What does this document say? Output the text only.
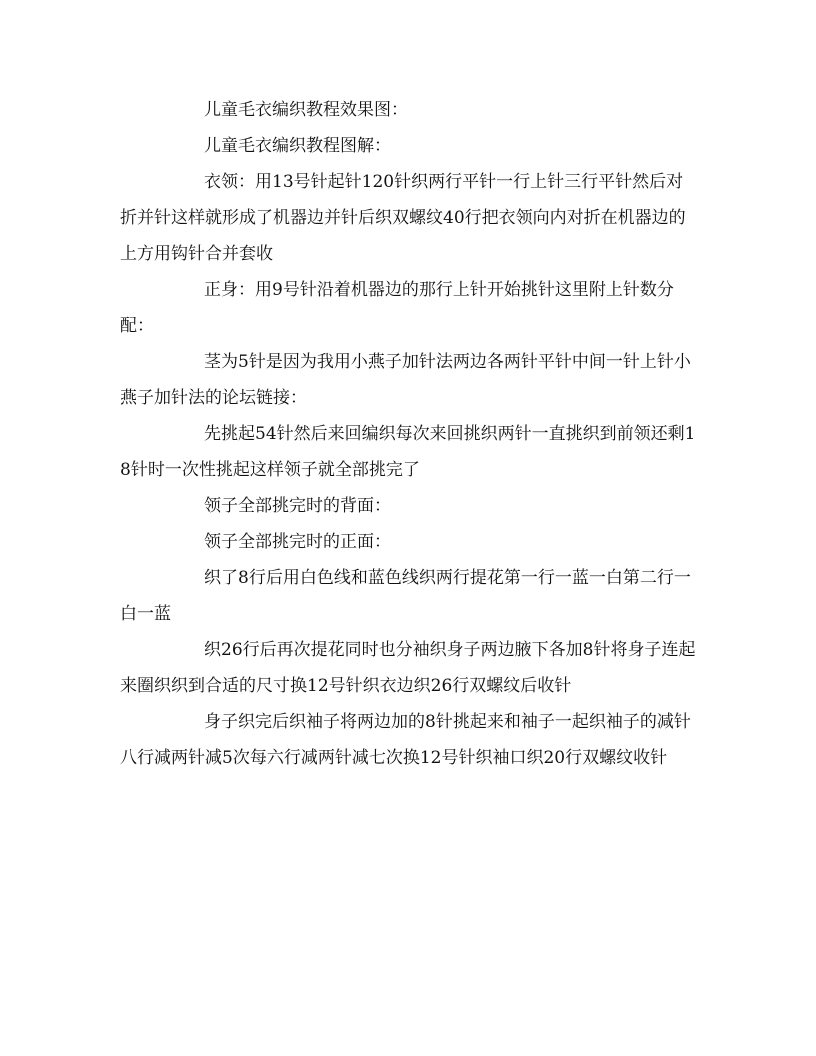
儿童毛衣编织教程效果图：

儿童毛衣编织教程图解：

衣领：用13号针起针120针织两行平针一行上针三行平针然后对折并针这样就形成了机器边并针后织双螺纹40行把衣领向内对折在机器边的上方用钩针合并套收

正身：用9号针沿着机器边的那行上针开始挑针这里附上针数分配：

茎为5针是因为我用小燕子加针法两边各两针平针中间一针上针小燕子加针法的论坛链接：

先挑起54针然后来回编织每次来回挑织两针一直挑织到前领还剩18针时一次性挑起这样领子就全部挑完了

领子全部挑完时的背面：

领子全部挑完时的正面：

织了8行后用白色线和蓝色线织两行提花第一行一蓝一白第二行一白一蓝

织26行后再次提花同时也分袖织身子两边腋下各加8针将身子连起来圈织织到合适的尺寸换12号针织衣边织26行双螺纹后收针

身子织完后织袖子将两边加的8针挑起来和袖子一起织袖子的减针八行减两针减5次每六行减两针减七次换12号针织袖口织20行双螺纹收针
